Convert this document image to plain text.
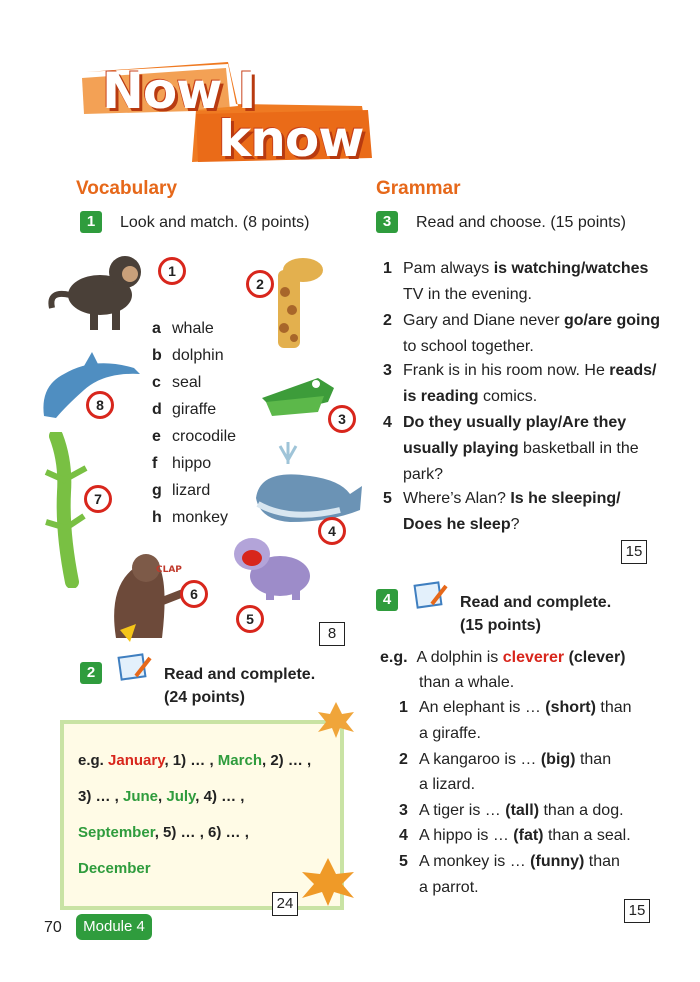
Now I
know
Vocabulary
1	Look and match. (8 points)
CLAP
1
2
3
4
5
6
7
8
a whale
b dolphin
c seal
d giraffe
e crocodile
f hippo
g lizard
h monkey
8
2	Read and complete.
(24 points)
e.g. January, 1) … , March, 2) … ,
3) … , June, July, 4) … ,
September, 5) … , 6) … ,
December
24
Grammar
3	Read and choose. (15 points)
1 Pam always is watching/watches
TV in the evening.
2 Gary and Diane never go/are going
to school together.
3 Frank is in his room now. He reads/
is reading comics.
4 Do they usually play/Are they
usually playing basketball in the
park?
5 Where’s Alan? Is he sleeping/
Does he sleep?
15
4	Read and complete.
(15 points)
e.g. A dolphin is cleverer (clever)
than a whale.
1 An elephant is … (short) than
a giraffe.
2 A kangaroo is … (big) than
a lizard.
3 A tiger is … (tall) than a dog.
4 A hippo is … (fat) than a seal.
5 A monkey is … (funny) than
a parrot.
15
70	Module 4
